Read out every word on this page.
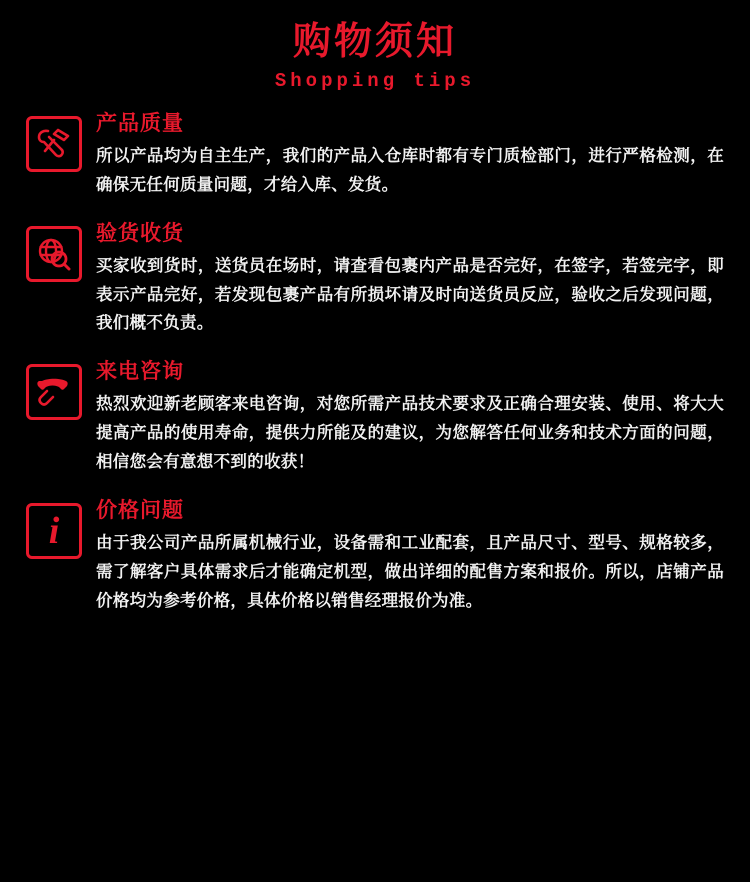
购物须知
Shopping tips
产品质量
所以产品均为自主生产，我们的产品入仓库时都有专门质检部门，进行严格检测，在确保无任何质量问题，才给入库、发货。
验货收货
买家收到货时，送货员在场时，请查看包裹内产品是否完好，在签字，若签完字，即表示产品完好，若发现包裹产品有所损坏请及时向送货员反应，验收之后发现问题，我们概不负责。
来电咨询
热烈欢迎新老顾客来电咨询，对您所需产品技术要求及正确合理安装、使用、将大大提高产品的使用寿命，提供力所能及的建议，为您解答任何业务和技术方面的问题，相信您会有意想不到的收获！
i 价格问题
由于我公司产品所属机械行业，设备需和工业配套，且产品尺寸、型号、规格较多，需了解客户具体需求后才能确定机型，做出详细的配售方案和报价。所以，店铺产品价格均为参考价格，具体价格以销售经理报价为准。
